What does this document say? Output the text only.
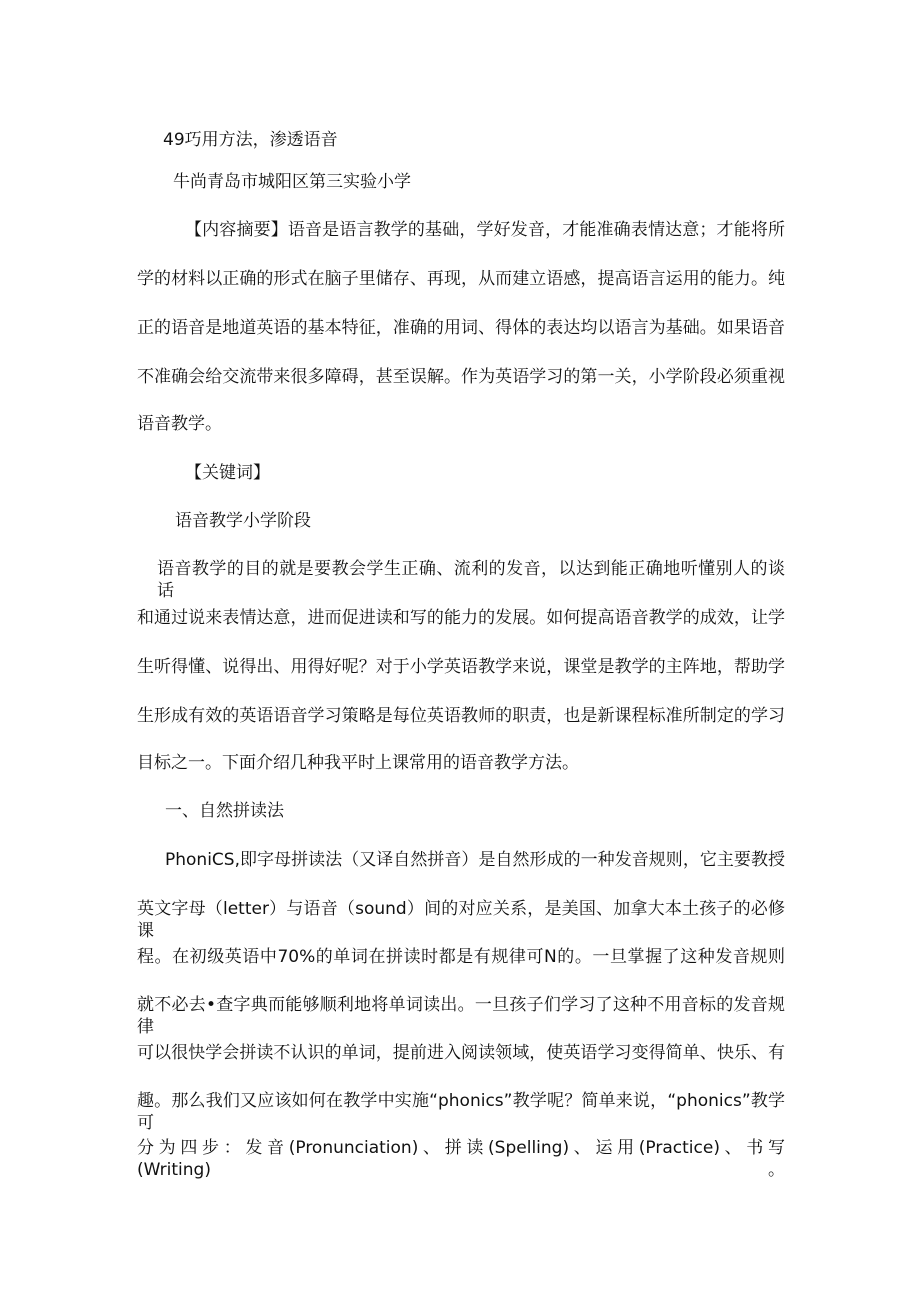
49巧用方法，渗透语音
牛尚青岛市城阳区第三实验小学
【内容摘要】语音是语言教学的基础，学好发音，才能准确表情达意；才能将所
学的材料以正确的形式在脑子里储存、再现，从而建立语感，提高语言运用的能力。纯
正的语音是地道英语的基本特征，准确的用词、得体的表达均以语言为基础。如果语音
不准确会给交流带来很多障碍，甚至误解。作为英语学习的第一关，小学阶段必须重视
语音教学。
【关键词】
语音教学小学阶段
语音教学的目的就是要教会学生正确、流利的发音，以达到能正确地听懂别人的谈话
和通过说来表情达意，进而促进读和写的能力的发展。如何提高语音教学的成效，让学
生听得懂、说得出、用得好呢？对于小学英语教学来说，课堂是教学的主阵地，帮助学
生形成有效的英语语音学习策略是每位英语教师的职责，也是新课程标准所制定的学习
目标之一。下面介绍几种我平时上课常用的语音教学方法。
一、自然拼读法
PhoniCS,即字母拼读法（又译自然拼音）是自然形成的一种发音规则，它主要教授
英文字母（letter）与语音（sound）间的对应关系，是美国、加拿大本土孩子的必修课
程。在初级英语中70%的单词在拼读时都是有规律可N的。一旦掌握了这种发音规则
就不必去•查字典而能够顺利地将单词读出。一旦孩子们学习了这种不用音标的发音规律
可以很快学会拼读不认识的单词，提前进入阅读领域，使英语学习变得简单、快乐、有
趣。那么我们又应该如何在教学中实施“phonics”教学呢？简单来说，“phonics”教学可
分为四步：发音(Pronunciation)、拼读(Spelling)、运用(Practice)、书写(Writing)。
